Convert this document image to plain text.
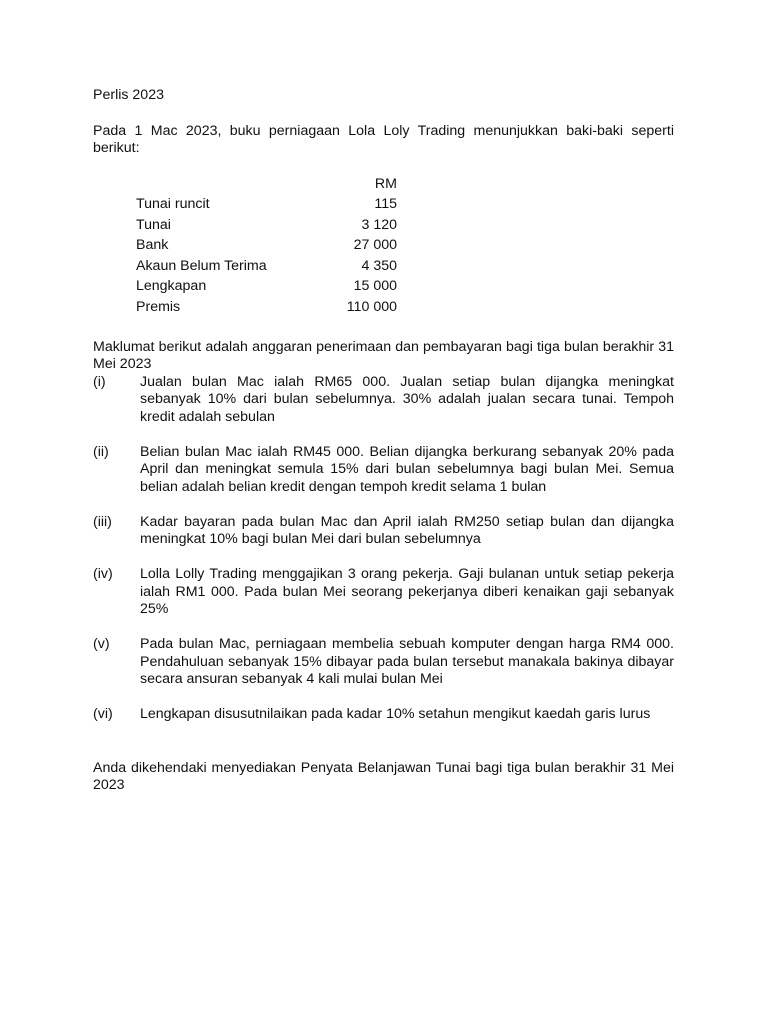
Perlis 2023

Pada 1 Mac 2023, buku perniagaan Lola Loly Trading menunjukkan baki-baki seperti berikut:

	RM
Tunai runcit	115
Tunai	3 120
Bank	27 000
Akaun Belum Terima	4 350
Lengkapan	15 000
Premis	110 000

Maklumat berikut adalah anggaran penerimaan dan pembayaran bagi tiga bulan berakhir 31 Mei 2023

(i)	Jualan bulan Mac ialah RM65 000. Jualan setiap bulan dijangka meningkat sebanyak 10% dari bulan sebelumnya. 30% adalah jualan secara tunai. Tempoh kredit adalah sebulan
(ii)	Belian bulan Mac ialah RM45 000. Belian dijangka berkurang sebanyak 20% pada April dan meningkat semula 15% dari bulan sebelumnya bagi bulan Mei. Semua belian adalah belian kredit dengan tempoh kredit selama 1 bulan
(iii)	Kadar bayaran pada bulan Mac dan April ialah RM250 setiap bulan dan dijangka meningkat 10% bagi bulan Mei dari bulan sebelumnya
(iv)	Lolla Lolly Trading menggajikan 3 orang pekerja. Gaji bulanan untuk setiap pekerja ialah RM1 000. Pada bulan Mei seorang pekerjanya diberi kenaikan gaji sebanyak 25%
(v)	Pada bulan Mac, perniagaan membelia sebuah komputer dengan harga RM4 000. Pendahuluan sebanyak 15% dibayar pada bulan tersebut manakala bakinya dibayar secara ansuran sebanyak 4 kali mulai bulan Mei
(vi)	Lengkapan disusutnilaikan pada kadar 10% setahun mengikut kaedah garis lurus

Anda dikehendaki menyediakan Penyata Belanjawan Tunai bagi tiga bulan berakhir 31 Mei 2023
